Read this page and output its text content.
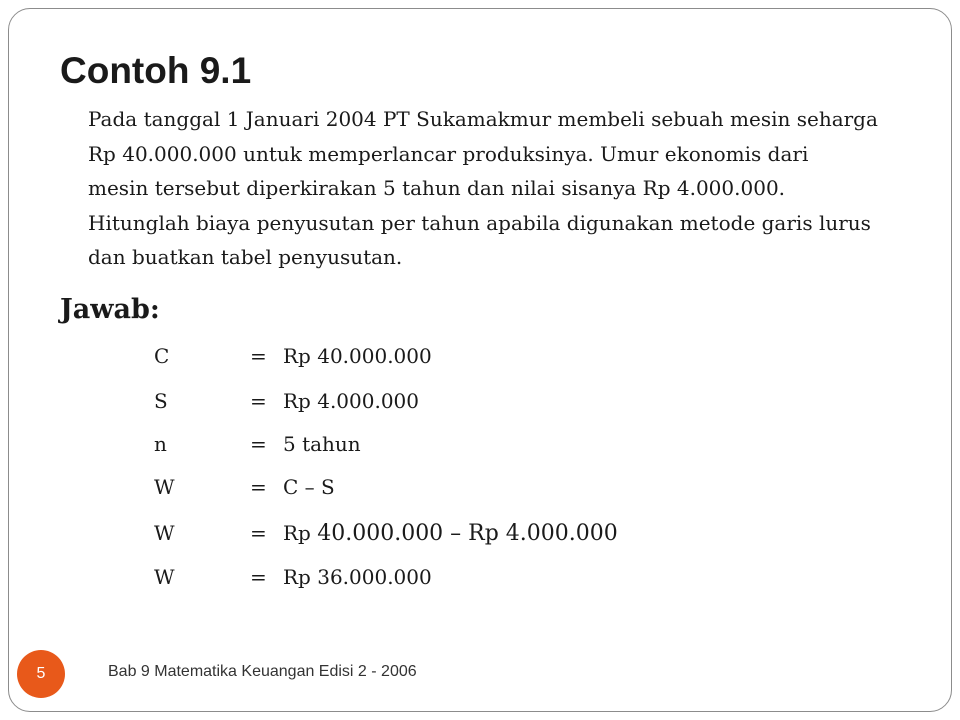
Contoh 9.1

Pada tanggal 1 Januari 2004 PT Sukamakmur membeli sebuah mesin seharga
Rp 40.000.000 untuk memperlancar produksinya. Umur ekonomis dari
mesin tersebut diperkirakan 5 tahun dan nilai sisanya Rp 4.000.000.
Hitunglah biaya penyusutan per tahun apabila digunakan metode garis lurus
dan buatkan tabel penyusutan.

Jawab:
C	= Rp 40.000.000
S	= Rp 4.000.000
n	= 5 tahun
W	= C – S
W	= Rp 40.000.000 – Rp 4.000.000
W	= Rp 36.000.000
5	Bab 9 Matematika Keuangan Edisi 2 - 2006
